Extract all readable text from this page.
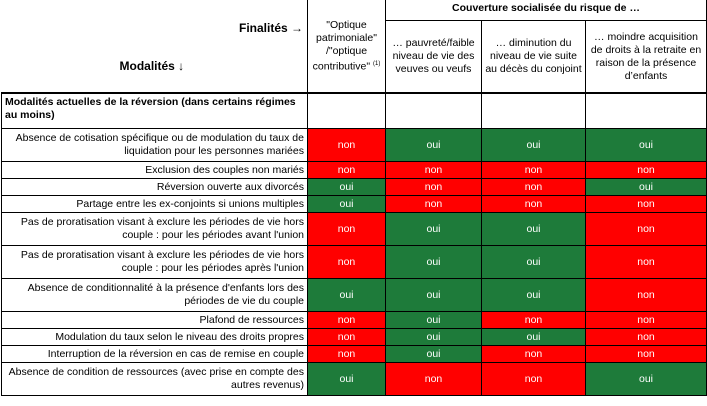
Finalités →
Modalités ↓	"Optique patrimoniale" /"optique contributive" $^{(1)}$	Couverture socialisée du risque de …		
		… pauvreté/faible niveau de vie des veuves ou veufs	… diminution du niveau de vie suite au décès du conjoint	… moindre acquisition de droits à la retraite en raison de la présence d’enfants
Modalités actuelles de la réversion (dans certains régimes au moins)				
Absence de cotisation spécifique ou de modulation du taux de liquidation pour les personnes mariées	non	oui	oui	oui
Exclusion des couples non mariés	non	non	non	non
Réversion ouverte aux divorcés	oui	non	non	oui
Partage entre les ex-conjoints si unions multiples	oui	non	non	non
Pas de proratisation visant à exclure les périodes de vie hors couple : pour les périodes avant l'union	non	oui	oui	non
Pas de proratisation visant à exclure les périodes de vie hors couple : pour les périodes après l'union	non	oui	oui	non
Absence de conditionnalité à la présence d'enfants lors des périodes de vie du couple	oui	oui	oui	non
Plafond de ressources	non	oui	non	non
Modulation du taux selon le niveau des droits propres	non	oui	oui	non
Interruption de la réversion en cas de remise en couple	non	oui	non	non
Absence de condition de ressources (avec prise en compte des autres revenus)	oui	non	non	oui
